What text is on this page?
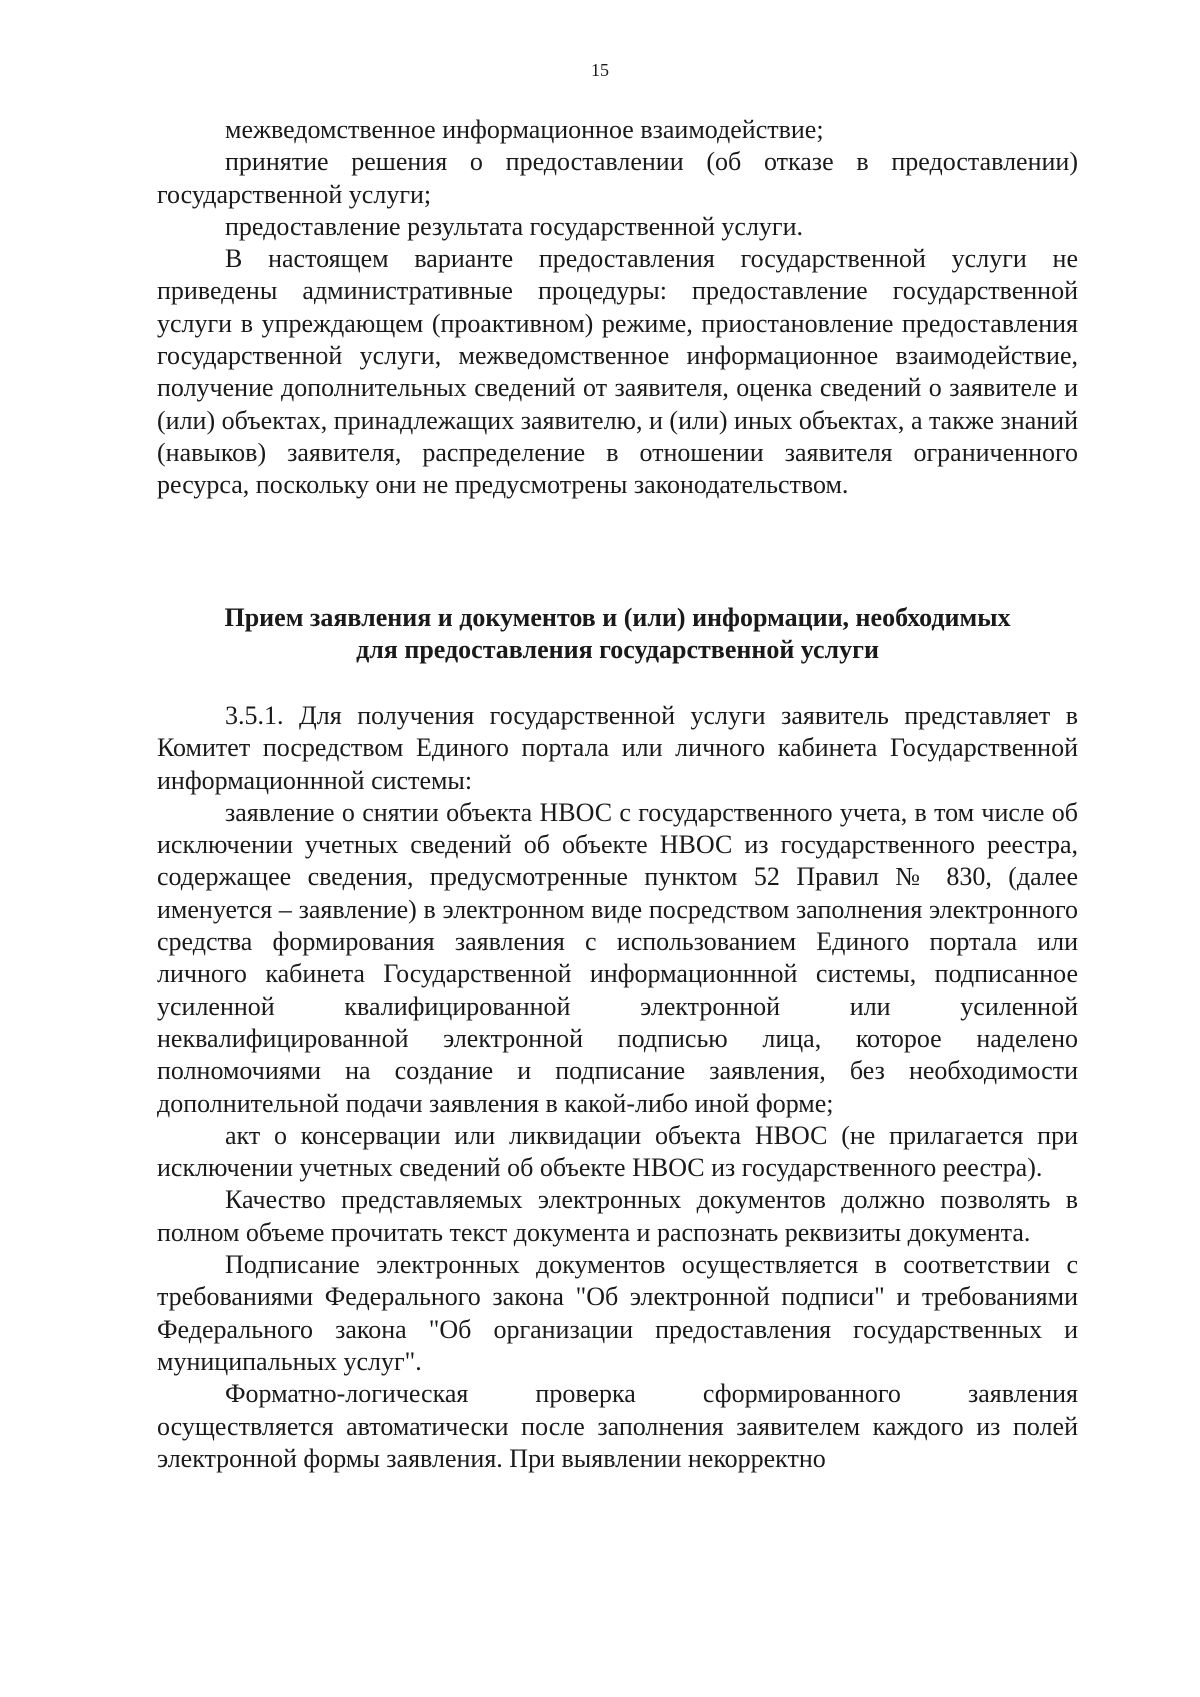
15

межведомственное информационное взаимодействие;

принятие решения о предоставлении (об отказе в предоставлении) государственной услуги;

предоставление результата государственной услуги.

В настоящем варианте предоставления государственной услуги не приведены административные процедуры: предоставление государственной услуги в упреждающем (проактивном) режиме, приостановление предоставления государственной услуги, межведомственное информационное взаимодействие, получение дополнительных сведений от заявителя, оценка сведений о заявителе и (или) объектах, принадлежащих заявителю, и (или) иных объектах, а также знаний (навыков) заявителя, распределение в отношении заявителя ограниченного ресурса, поскольку они не предусмотрены законодательством.

Прием заявления и документов и (или) информации, необходимых
для предоставления государственной услуги

3.5.1. Для получения государственной услуги заявитель представляет в Комитет посредством Единого портала или личного кабинета Государственной информационнной системы:

заявление о снятии объекта НВОС с государственного учета, в том числе об исключении учетных сведений об объекте НВОС из государственного реестра, содержащее сведения, предусмотренные пунктом 52 Правил № 830, (далее именуется – заявление) в электронном виде посредством заполнения электронного средства формирования заявления с использованием Единого портала или личного кабинета Государственной информационнной системы, подписанное усиленной квалифицированной электронной или усиленной неквалифицированной электронной подписью лица, которое наделено полномочиями на создание и подписание заявления, без необходимости дополнительной подачи заявления в какой-либо иной форме;

акт о консервации или ликвидации объекта НВОС (не прилагается при исключении учетных сведений об объекте НВОС из государственного реестра).

Качество представляемых электронных документов должно позволять в полном объеме прочитать текст документа и распознать реквизиты документа.

Подписание электронных документов осуществляется в соответствии с требованиями Федерального закона "Об электронной подписи" и требованиями Федерального закона "Об организации предоставления государственных и муниципальных услуг".

Форматно-логическая проверка сформированного заявления осуществляется автоматически после заполнения заявителем каждого из полей электронной формы заявления. При выявлении некорректно
